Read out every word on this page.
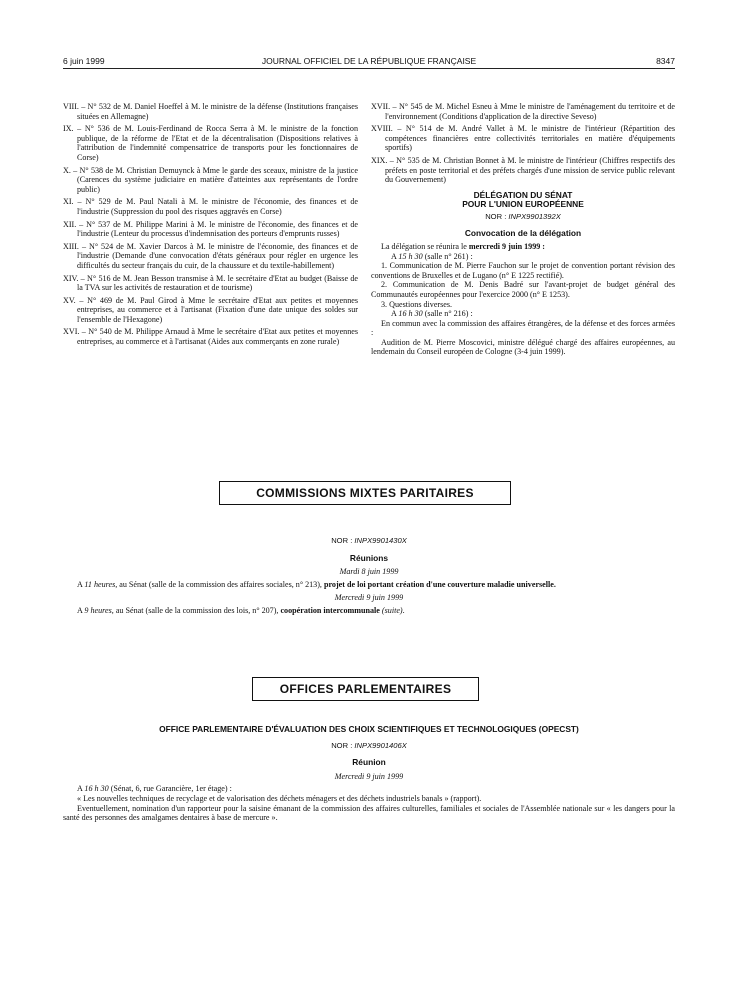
6 juin 1999	JOURNAL OFFICIEL DE LA RÉPUBLIQUE FRANÇAISE	8347

VIII. – N° 532 de M. Daniel Hoeffel à M. le ministre de la défense (Institutions françaises situées en Allemagne)

IX. – N° 536 de M. Louis-Ferdinand de Rocca Serra à M. le ministre de la fonction publique, de la réforme de l'Etat et de la décentralisation (Dispositions relatives à l'attribution de l'indemnité compensatrice de transports pour les fonctionnaires de Corse)

X. – N° 538 de M. Christian Demuynck à Mme le garde des sceaux, ministre de la justice (Carences du système judiciaire en matière d'atteintes aux représentants de l'ordre public)

XI. – N° 529 de M. Paul Natali à M. le ministre de l'économie, des finances et de l'industrie (Suppression du pool des risques aggravés en Corse)

XII. – N° 537 de M. Philippe Marini à M. le ministre de l'économie, des finances et de l'industrie (Lenteur du processus d'indemnisation des porteurs d'emprunts russes)

XIII. – N° 524 de M. Xavier Darcos à M. le ministre de l'économie, des finances et de l'industrie (Demande d'une convocation d'états généraux pour régler en urgence les difficultés du secteur français du cuir, de la chaussure et du textile-habillement)

XIV. – N° 516 de M. Jean Besson transmise à M. le secrétaire d'Etat au budget (Baisse de la TVA sur les activités de restauration et de tourisme)

XV. – N° 469 de M. Paul Girod à Mme le secrétaire d'Etat aux petites et moyennes entreprises, au commerce et à l'artisanat (Fixation d'une date unique des soldes sur l'ensemble de l'Hexagone)

XVI. – N° 540 de M. Philippe Arnaud à Mme le secrétaire d'Etat aux petites et moyennes entreprises, au commerce et à l'artisanat (Aides aux commerçants en zone rurale)

XVII. – N° 545 de M. Michel Esneu à Mme le ministre de l'aménagement du territoire et de l'environnement (Conditions d'application de la directive Seveso)

XVIII. – N° 514 de M. André Vallet à M. le ministre de l'intérieur (Répartition des compétences financières entre collectivités territoriales en matière d'équipements sportifs)

XIX. – N° 535 de M. Christian Bonnet à M. le ministre de l'intérieur (Chiffres respectifs des préfets en poste territorial et des préfets chargés d'une mission de service public relevant du Gouvernement)

DÉLÉGATION DU SÉNAT
POUR L'UNION EUROPÉENNE
NOR : INPX9901392X
Convocation de la délégation

La délégation se réunira le mercredi 9 juin 1999 :

A 15 h 30 (salle n° 261) :

1. Communication de M. Pierre Fauchon sur le projet de convention portant révision des conventions de Bruxelles et de Lugano (n° E 1225 rectifié).

2. Communication de M. Denis Badré sur l'avant-projet de budget général des Communautés européennes pour l'exercice 2000 (n° E 1253).

3. Questions diverses.

A 16 h 30 (salle n° 216) :

En commun avec la commission des affaires étrangères, de la défense et des forces armées :

Audition de M. Pierre Moscovici, ministre délégué chargé des affaires européennes, au lendemain du Conseil européen de Cologne (3-4 juin 1999).

COMMISSIONS MIXTES PARITAIRES
NOR : INPX9901430X
Réunions
Mardi 8 juin 1999

A 11 heures, au Sénat (salle de la commission des affaires sociales, n° 213), projet de loi portant création d'une couverture maladie universelle.

Mercredi 9 juin 1999

A 9 heures, au Sénat (salle de la commission des lois, n° 207), coopération intercommunale (suite).

OFFICES PARLEMENTAIRES
OFFICE PARLEMENTAIRE D'ÉVALUATION DES CHOIX SCIENTIFIQUES ET TECHNOLOGIQUES (OPECST)
NOR : INPX9901406X
Réunion
Mercredi 9 juin 1999

A 16 h 30 (Sénat, 6, rue Garancière, 1er étage) :

« Les nouvelles techniques de recyclage et de valorisation des déchets ménagers et des déchets industriels banals » (rapport).

Eventuellement, nomination d'un rapporteur pour la saisine émanant de la commission des affaires culturelles, familiales et sociales de l'Assemblée nationale sur « les dangers pour la santé des personnes des amalgames dentaires à base de mercure ».
